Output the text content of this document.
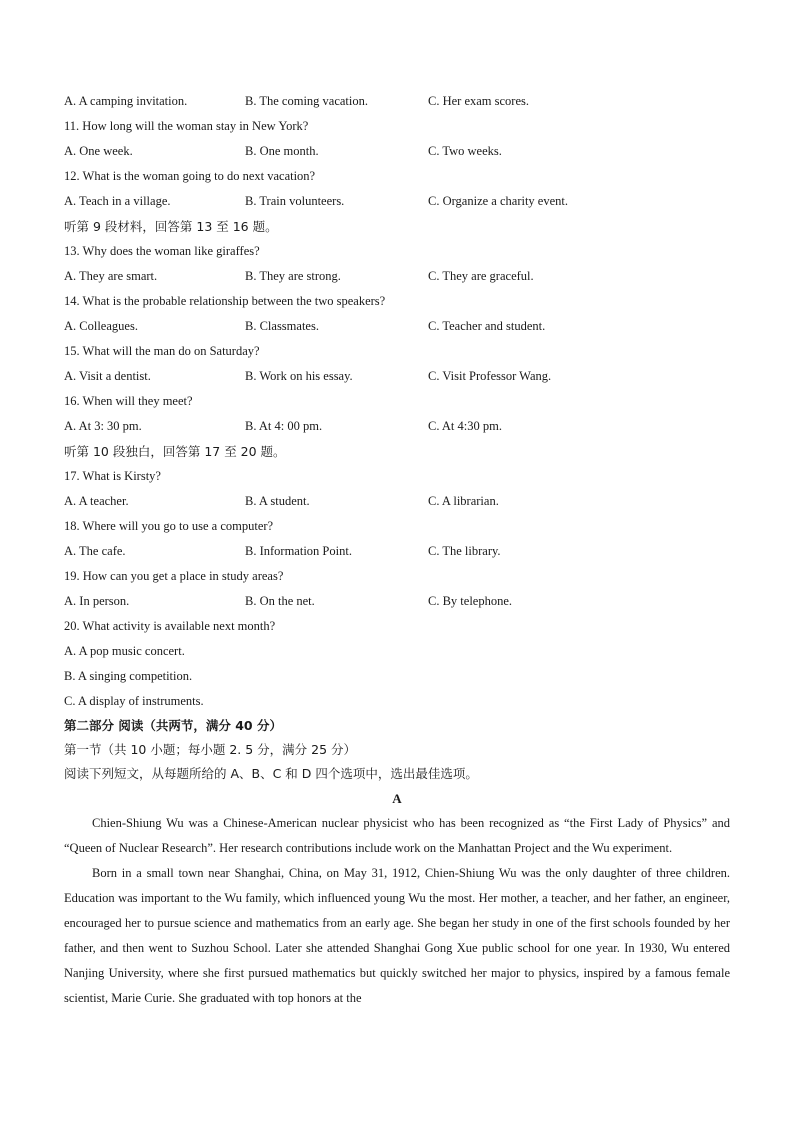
A. A camping invitation.	B. The coming vacation.	C. Her exam scores.
11. How long will the woman stay in New York?
A. One week.	B. One month.	C. Two weeks.
12. What is the woman going to do next vacation?
A. Teach in a village.	B. Train volunteers.	C. Organize a charity event.
听第 9 段材料，回答第 13 至 16 题。
13. Why does the woman like giraffes?
A. They are smart.	B. They are strong.	C. They are graceful.
14. What is the probable relationship between the two speakers?
A. Colleagues.	B. Classmates.	C. Teacher and student.
15. What will the man do on Saturday?
A. Visit a dentist.	B. Work on his essay.	C. Visit Professor Wang.
16. When will they meet?
A. At 3: 30 pm.	B. At 4: 00 pm.	C. At 4:30 pm.
听第 10 段独白，回答第 17 至 20 题。
17. What is Kirsty?
A. A teacher.	B. A student.	C. A librarian.
18. Where will you go to use a computer?
A. The cafe.	B. Information Point.	C. The library.
19. How can you get a place in study areas?
A. In person.	B. On the net.	C. By telephone.
20. What activity is available next month?
A. A pop music concert.
B. A singing competition.
C. A display of instruments.
第二部分 阅读（共两节，满分 40 分）
第一节（共 10 小题；每小题 2. 5 分，满分 25 分）
阅读下列短文，从每题所给的 A、B、C 和 D 四个选项中，选出最佳选项。
A

Chien-Shiung Wu was a Chinese-American nuclear physicist who has been recognized as “the First Lady of Physics” and “Queen of Nuclear Research”. Her research contributions include work on the Manhattan Project and the Wu experiment.

Born in a small town near Shanghai, China, on May 31, 1912, Chien-Shiung Wu was the only daughter of three children. Education was important to the Wu family, which influenced young Wu the most. Her mother, a teacher, and her father, an engineer, encouraged her to pursue science and mathematics from an early age. She began her study in one of the first schools founded by her father, and then went to Suzhou School. Later she attended Shanghai Gong Xue public school for one year. In 1930, Wu entered Nanjing University, where she first pursued mathematics but quickly switched her major to physics, inspired by a famous female scientist, Marie Curie. She graduated with top honors at the
